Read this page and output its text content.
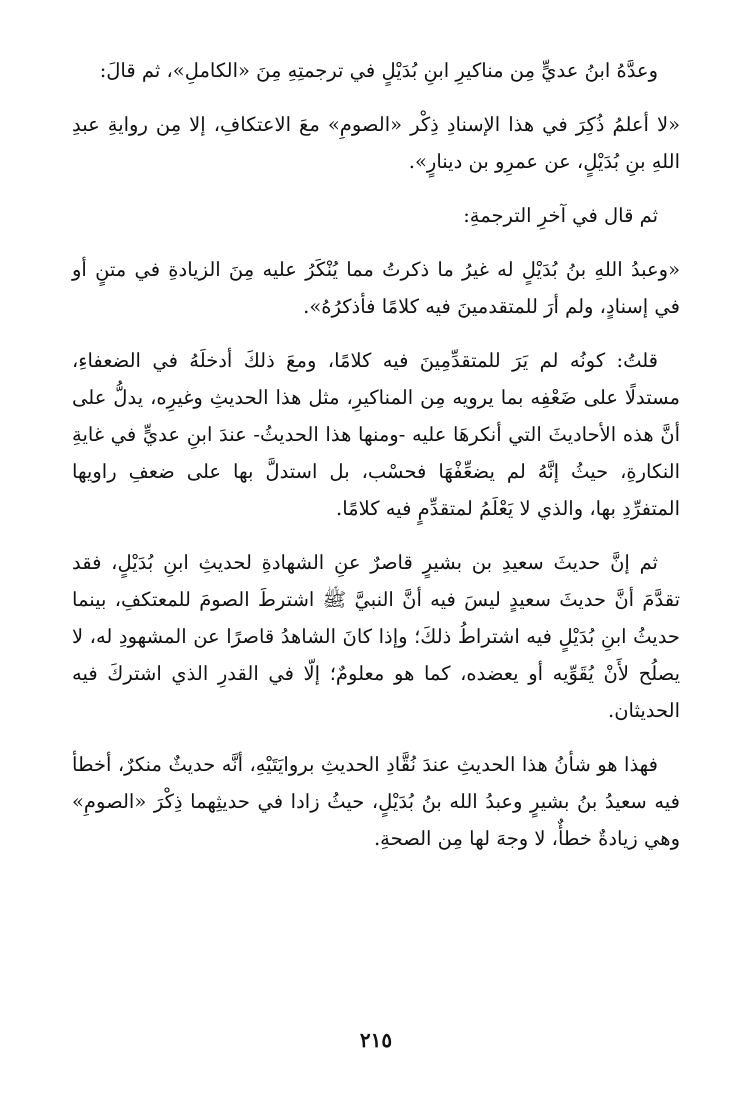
وعدَّهُ ابنُ عديٍّ مِن مناكيرِ ابنِ بُدَيْلٍ في ترجمتِهِ مِنَ «الكاملِ»، ثم قالَ:

«لا أعلمُ ذُكِرَ في هذا الإسنادِ ذِكْر «الصومِ» معَ الاعتكافِ، إلا مِن روايةِ عبدِ اللهِ بنِ بُدَيْلٍ، عن عمرِو بن دينارٍ».

ثم قال في آخرِ الترجمةِ:

«وعبدُ اللهِ بنُ بُدَيْلٍ له غيرُ ما ذكرتُ مما يُنْكَرُ عليه مِنَ الزيادةِ في متنٍ أو في إسنادٍ، ولم أرَ للمتقدمينَ فيه كلامًا فأذكرُهُ».

قلتُ: كونُه لم يَرَ للمتقدِّمِينَ فيه كلامًا، ومعَ ذلكَ أدخلَهُ في الضعفاءِ، مستدلًا على ضَعْفِه بما يرويه مِن المناكيرِ، مثل هذا الحديثِ وغيرِه، يدلُّ على أنَّ هذه الأحاديثَ التي أنكرهَا عليه -ومنها هذا الحديثُ- عندَ ابنِ عديٍّ في غايةِ النكارةِ، حيثُ إنَّهُ لم يضعِّفْهَا فحسْب، بل استدلَّ بها على ضعفِ راويها المتفرِّدِ بها، والذي لا يَعْلَمُ لمتقدِّمٍ فيه كلامًا.

ثم إنَّ حديثَ سعيدِ بن بشيرٍ قاصرٌ عنِ الشهادةِ لحديثِ ابنِ بُدَيْلٍ، فقد تقدَّمَ أنَّ حديثَ سعيدٍ ليسَ فيه أنَّ النبيَّ ﷺ اشترطَ الصومَ للمعتكفِ، بينما حديثُ ابنِ بُدَيْلٍ فيه اشتراطُ ذلكَ؛ وإذا كانَ الشاهدُ قاصرًا عن المشهودِ له، لا يصلُح لأَنْ يُقَوِّيه أو يعضده، كما هو معلومٌ؛ إلّا في القدرِ الذي اشتركَ فيه الحديثان.

فهذا هو شأنُ هذا الحديثِ عندَ نُقَّادِ الحديثِ بروايَتَيْهِ، أنَّه حديثٌ منكرٌ، أخطأ فيه سعيدُ بنُ بشيرٍ وعبدُ الله بنُ بُدَيْلٍ، حيثُ زادا في حديثِهما ذِكْرَ «الصومِ» وهي زيادةٌ خطأٌ، لا وجهَ لها مِن الصحةِ.

٢١٥
